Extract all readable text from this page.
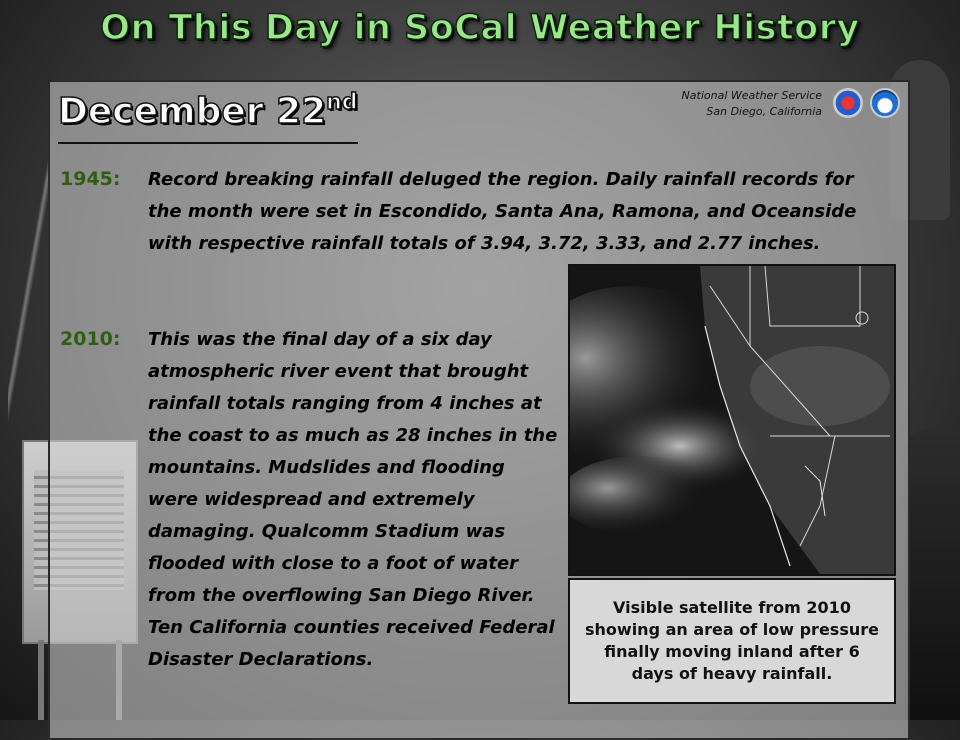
On This Day in SoCal Weather History
December 22nd	National Weather Service
San Diego, California
1945: Record breaking rainfall deluged the region. Daily rainfall records for the month were set in Escondido, Santa Ana, Ramona, and Oceanside with respective rainfall totals of 3.94, 3.72, 3.33, and 2.77 inches.

2010: This was the final day of a six day atmospheric river event that brought rainfall totals ranging from 4 inches at the coast to as much as 28 inches in the mountains. Mudslides and flooding were widespread and extremely damaging. Qualcomm Stadium was flooded with close to a foot of water from the overflowing San Diego River. Ten California counties received Federal Disaster Declarations.

Visible satellite from 2010 showing an area of low pressure finally moving inland after 6 days of heavy rainfall.
